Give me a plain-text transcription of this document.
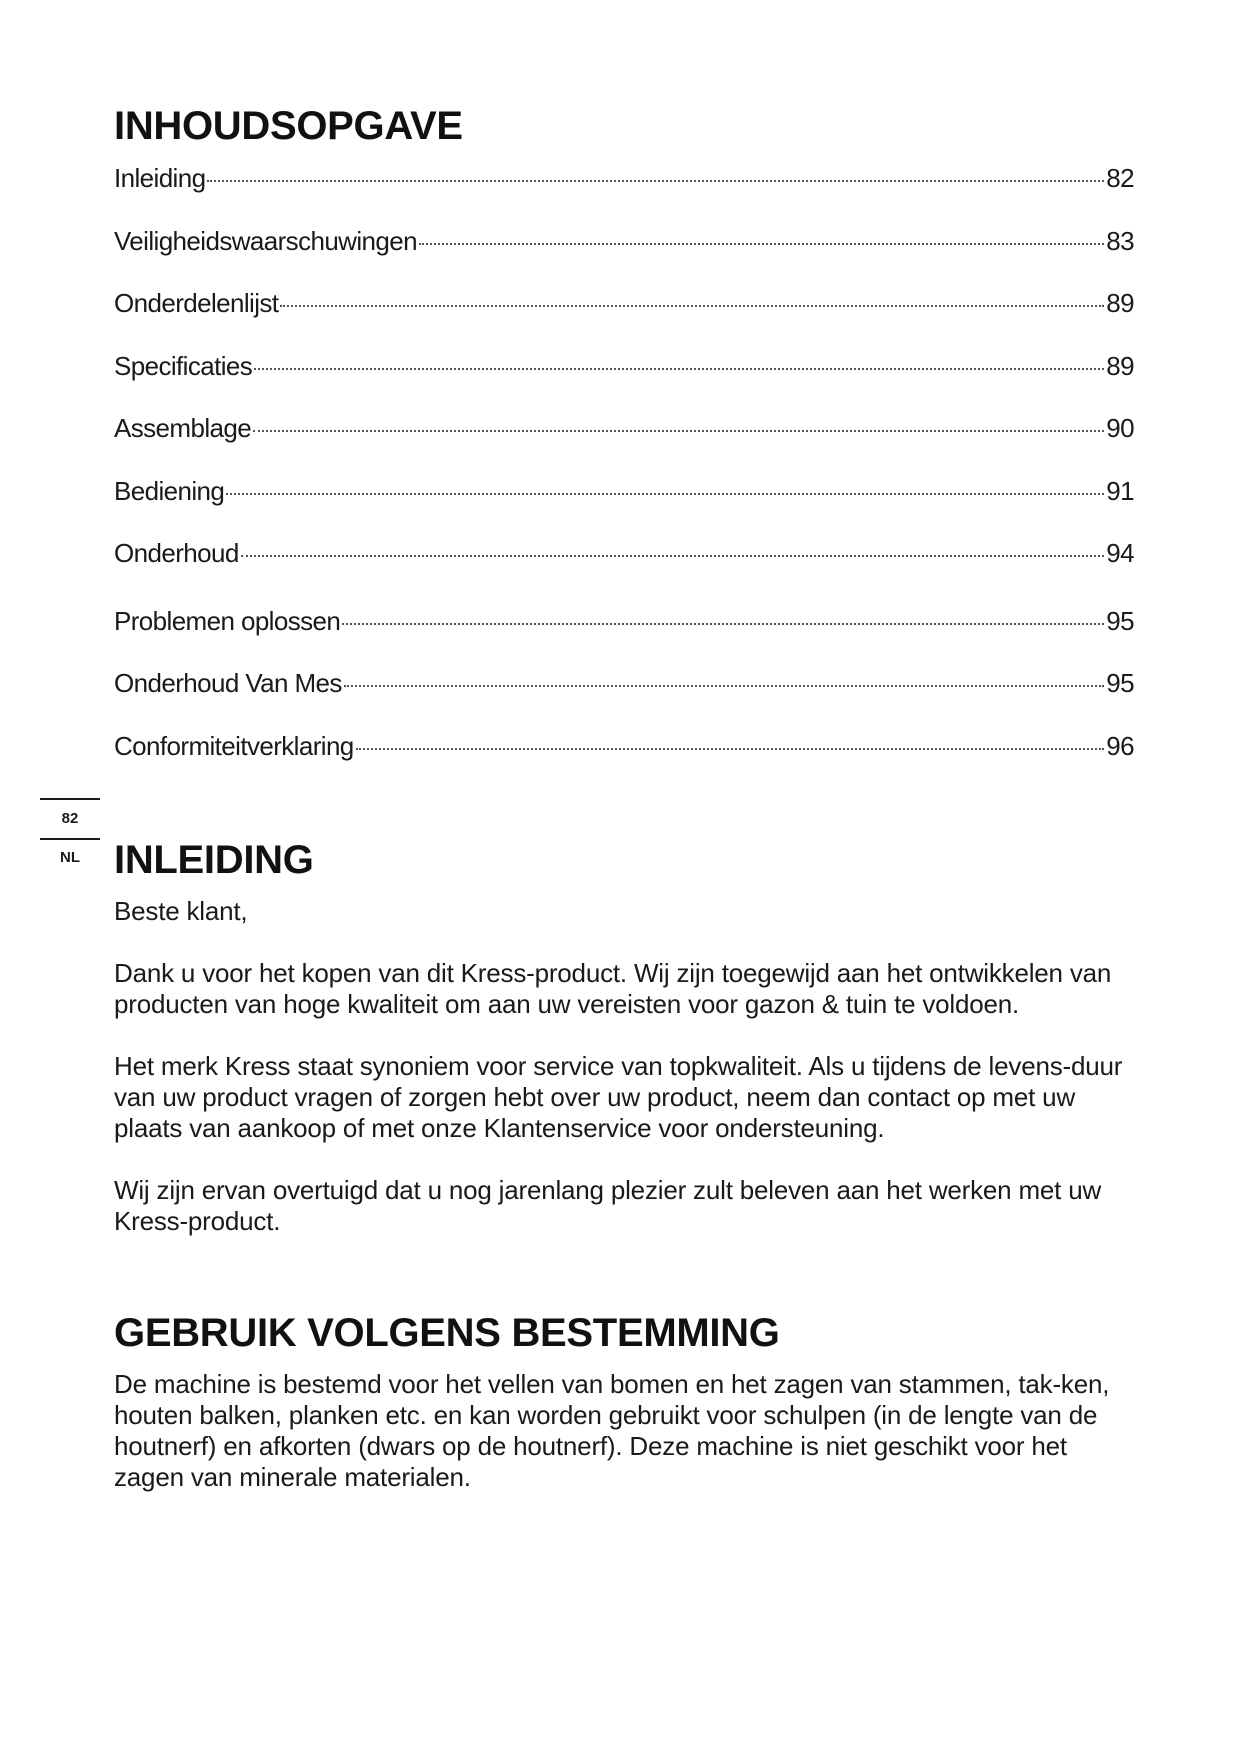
INHOUDSOPGAVE
Inleiding	82
Veiligheidswaarschuwingen	83
Onderdelenlijst	89
Specificaties	89
Assemblage	90
Bediening	91
Onderhoud	94
Problemen oplossen	95
Onderhoud Van Mes	95
Conformiteitverklaring	96
82
NL INLEIDING

Beste klant,

Dank u voor het kopen van dit Kress-product. Wij zijn toegewijd aan het ontwikkelen van producten van hoge kwaliteit om aan uw vereisten voor gazon & tuin te voldoen.

Het merk Kress staat synoniem voor service van topkwaliteit. Als u tijdens de levens-duur van uw product vragen of zorgen hebt over uw product, neem dan contact op met uw plaats van aankoop of met onze Klantenservice voor ondersteuning.

Wij zijn ervan overtuigd dat u nog jarenlang plezier zult beleven aan het werken met uw Kress-product.

GEBRUIK VOLGENS BESTEMMING

De machine is bestemd voor het vellen van bomen en het zagen van stammen, tak-ken, houten balken, planken etc. en kan worden gebruikt voor schulpen (in de lengte van de houtnerf) en afkorten (dwars op de houtnerf). Deze machine is niet geschikt voor het zagen van minerale materialen.
